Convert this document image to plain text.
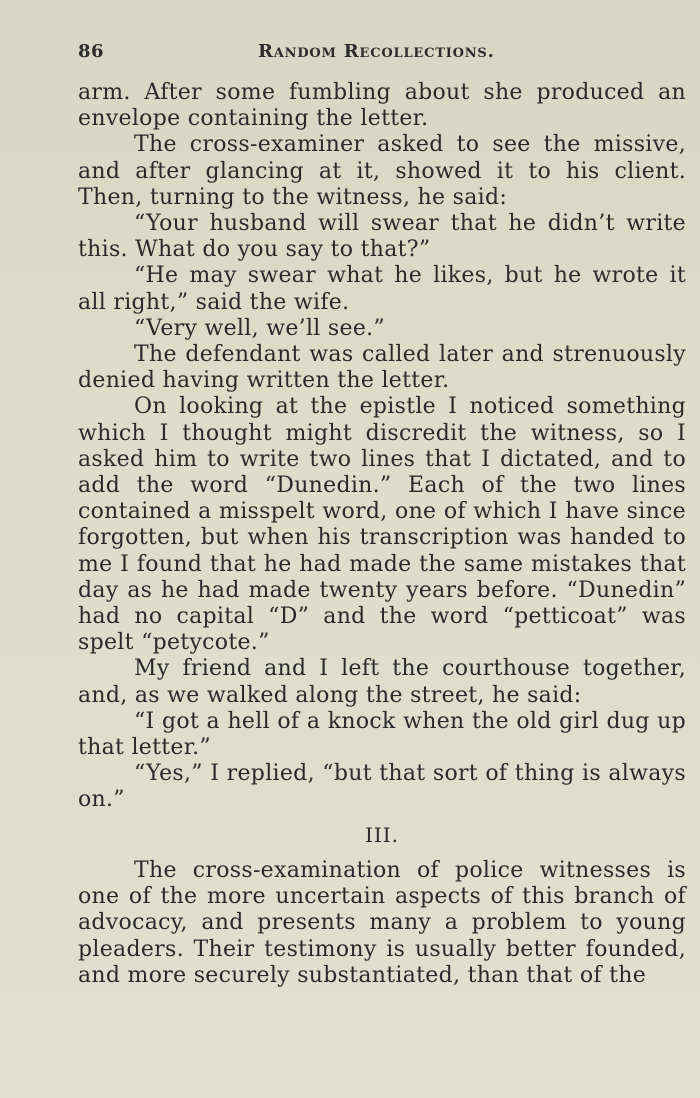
86	Random Recollections.

arm. After some fumbling about she produced an envelope containing the letter.

The cross-examiner asked to see the missive, and after glancing at it, showed it to his client. Then, turning to the witness, he said:

“Your husband will swear that he didn’t write this. What do you say to that?”

“He may swear what he likes, but he wrote it all right,” said the wife.

“Very well, we’ll see.”

The defendant was called later and strenuously denied having written the letter.

On looking at the epistle I noticed something which I thought might discredit the witness, so I asked him to write two lines that I dictated, and to add the word “Dunedin.” Each of the two lines contained a misspelt word, one of which I have since forgotten, but when his transcription was handed to me I found that he had made the same mistakes that day as he had made twenty years before. “Dunedin” had no capital “D” and the word “petticoat” was spelt “petycote.”

My friend and I left the courthouse together, and, as we walked along the street, he said:

“I got a hell of a knock when the old girl dug up that letter.”

“Yes,” I replied, “but that sort of thing is always on.”

III.

The cross-examination of police witnesses is one of the more uncertain aspects of this branch of advocacy, and presents many a problem to young pleaders. Their testimony is usually better founded, and more securely substantiated, than that of the
